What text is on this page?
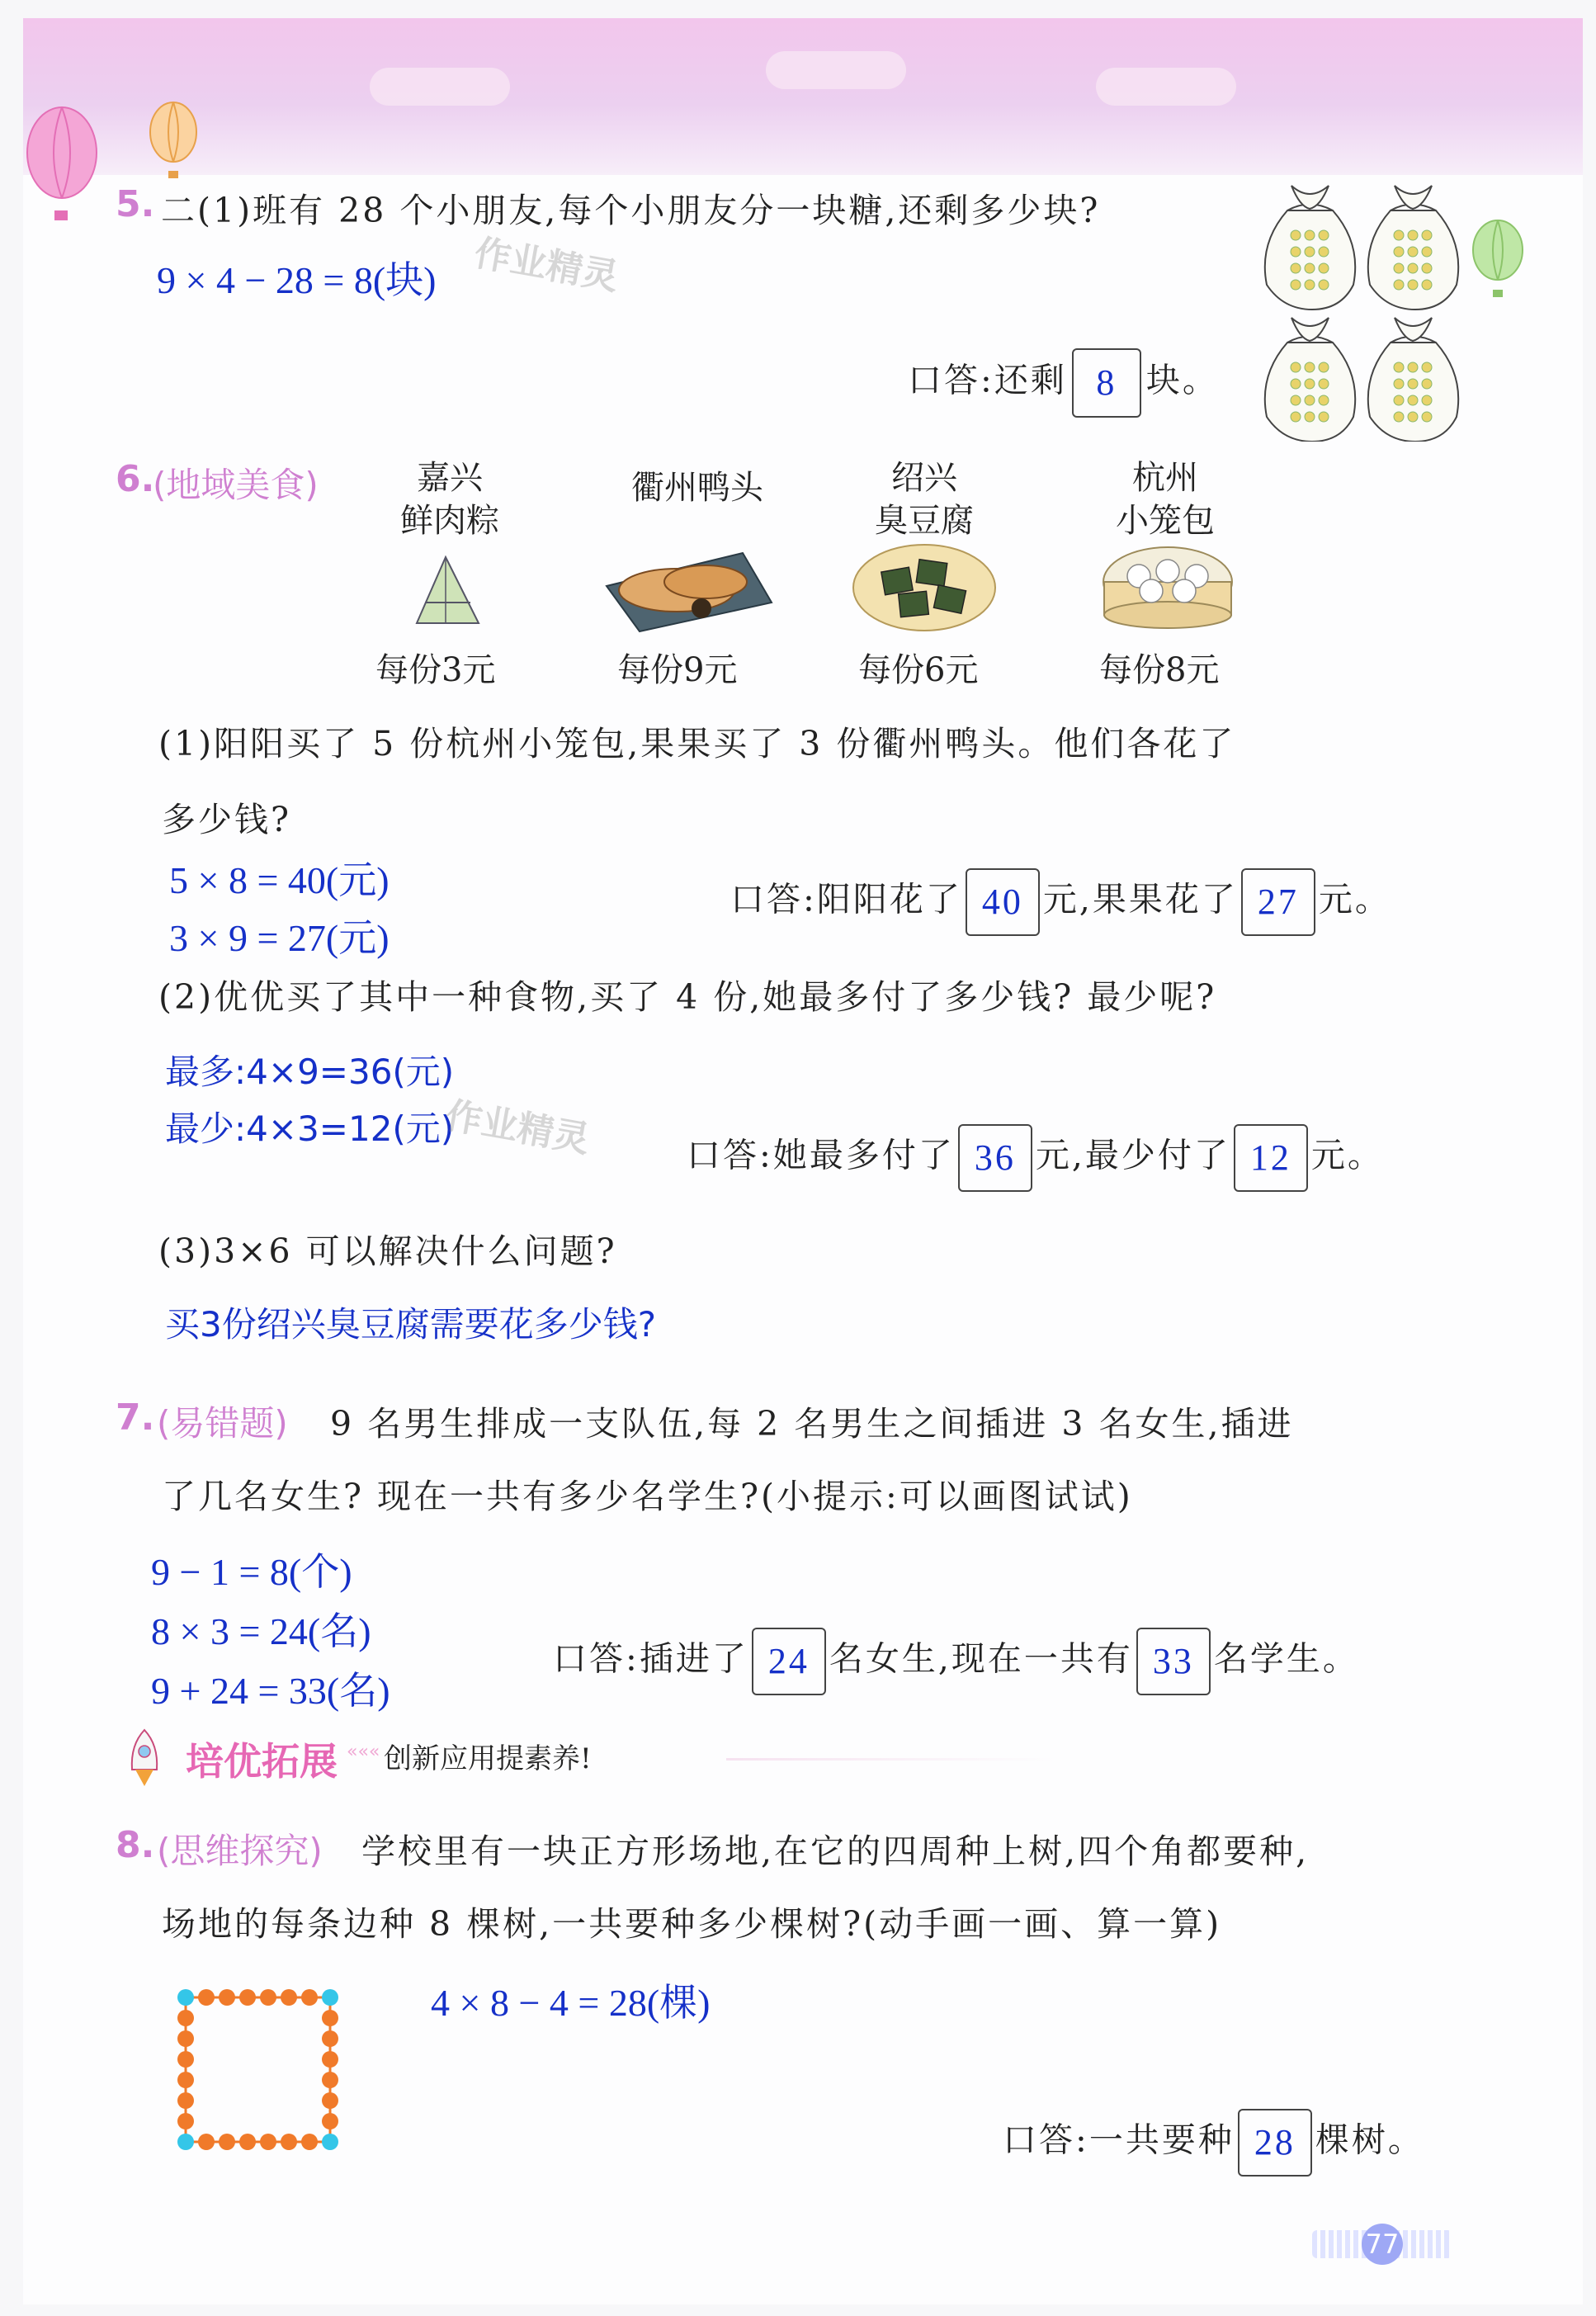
5. 二(1)班有 28 个小朋友,每个小朋友分一块糖,还剩多少块?
9 × 4 − 28 = 8(块) 作业精灵
口答:还剩 8 块。
6.
(地域美食)	嘉兴
鲜肉粽
每份3元
衢州鸭头
每份9元
绍兴
臭豆腐
每份6元
杭州
小笼包
每份8元
(1)阳阳买了 5 份杭州小笼包,果果买了 3 份衢州鸭头。他们各花了
多少钱?
5 × 8 = 40(元)
3 × 9 = 27(元)
口答:阳阳花了 40 元,果果花了 27 元。
(2)优优买了其中一种食物,买了 4 份,她最多付了多少钱? 最少呢?
最多:4×9=36(元)
最少:4×3=12(元)
作业精灵	口答:她最多付了 36 元,最少付了 12 元。
(3)3×6 可以解决什么问题?
买3份绍兴臭豆腐需要花多少钱?
7. (易错题) 9 名男生排成一支队伍,每 2 名男生之间插进 3 名女生,插进
了几名女生? 现在一共有多少名学生?(小提示:可以画图试试)
9 − 1 = 8(个)
8 × 3 = 24(名)
9 + 24 = 33(名)
口答:插进了 24 名女生,现在一共有 33 名学生。
培优拓展 ««« 创新应用提素养!
8. (思维探究) 学校里有一块正方形场地,在它的四周种上树,四个角都要种,
场地的每条边种 8 棵树,一共要种多少棵树?(动手画一画、算一算)
4 × 8 − 4 = 28(棵)
口答:一共要种 28 棵树。
77
